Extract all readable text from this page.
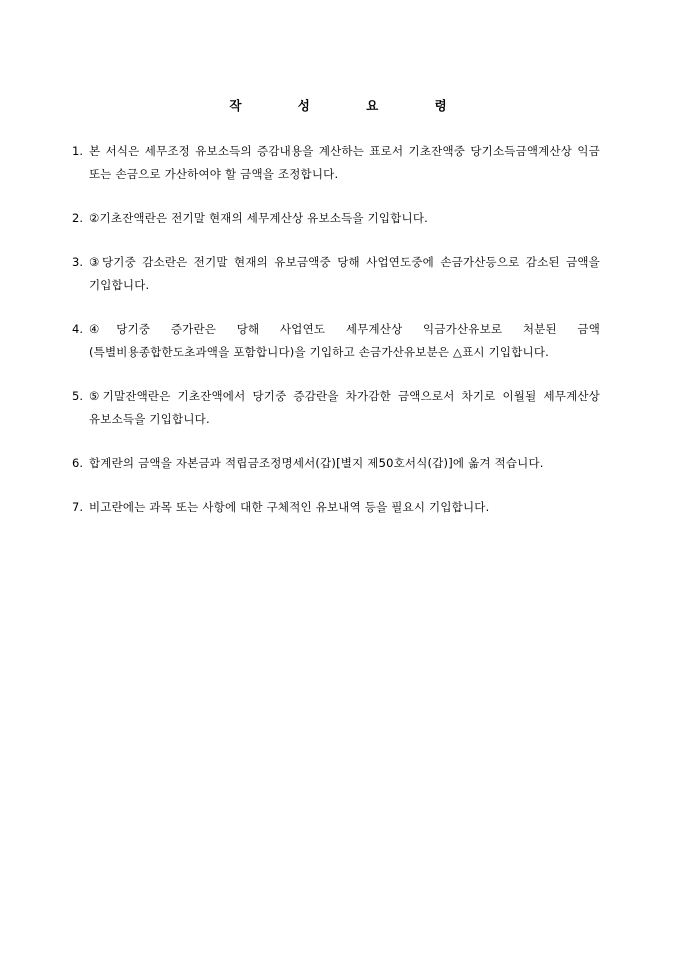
작 성 요 령
1. 본 서식은 세무조정 유보소득의 증감내용을 계산하는 표로서 기초잔액중 당기소득금액계산상 익금 또는 손금으로 가산하여야 할 금액을 조정합니다.
2. ②기초잔액란은 전기말 현재의 세무계산상 유보소득을 기입합니다.
3. ③당기중 감소란은 전기말 현재의 유보금액중 당해 사업연도중에 손금가산등으로 감소된 금액을 기입합니다.
4. ④당기중 증가란은 당해 사업연도 세무계산상 익금가산유보로 처분된 금액(특별비용종합한도초과액을 포함합니다)을 기입하고 손금가산유보분은 △표시 기입합니다.
5. ⑤기말잔액란은 기초잔액에서 당기중 증감란을 차가감한 금액으로서 차기로 이월될 세무계산상 유보소득을 기입합니다.
6. 합계란의 금액을 자본금과 적립금조정명세서(갑)[별지 제50호서식(갑)]에 옮겨 적습니다.
7. 비고란에는 과목 또는 사항에 대한 구체적인 유보내역 등을 필요시 기입합니다.
